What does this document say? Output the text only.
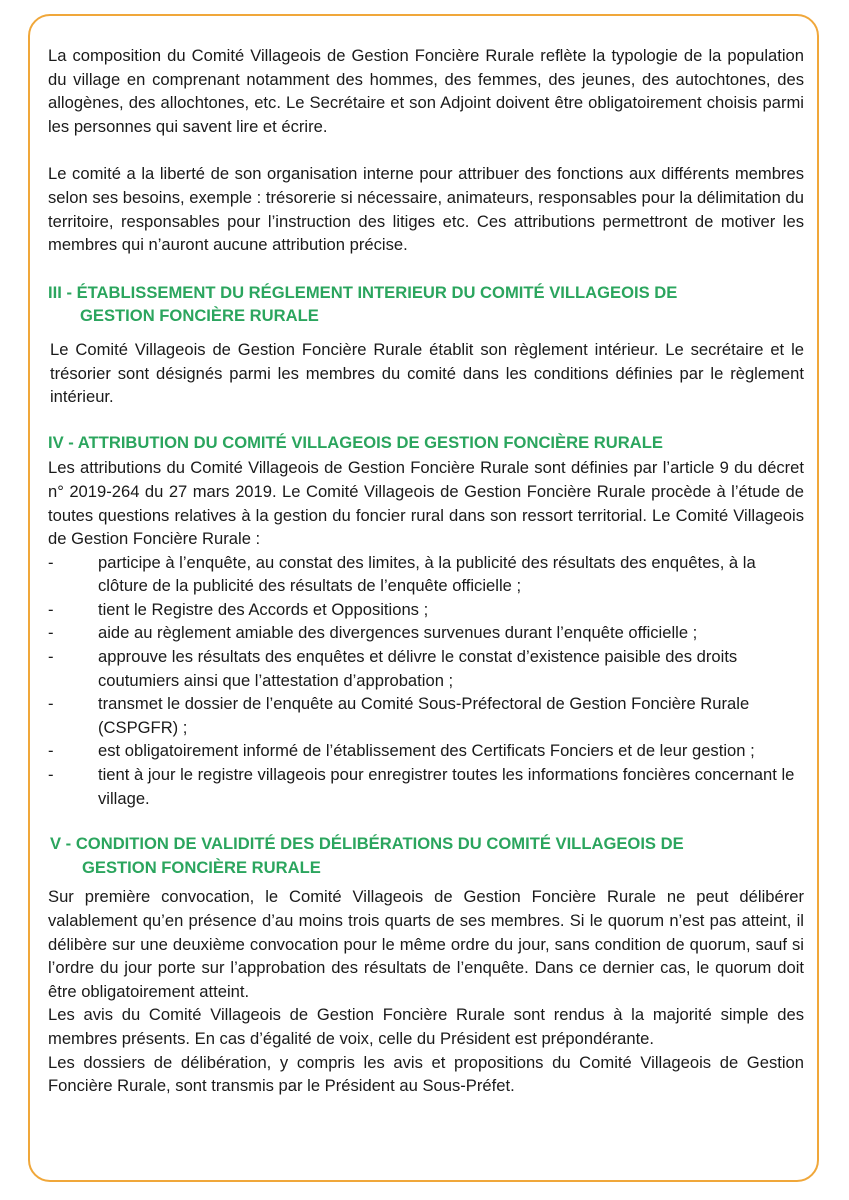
La composition du Comité Villageois de Gestion Foncière Rurale reflète la typologie de la population du village en comprenant notamment des hommes, des femmes, des jeunes, des autochtones, des allogènes, des allochtones, etc. Le Secrétaire et son Adjoint doivent être obligatoirement choisis parmi les personnes qui savent lire et écrire.

Le comité a la liberté de son organisation interne pour attribuer des fonctions aux différents membres selon ses besoins, exemple : trésorerie si nécessaire, animateurs, responsables pour la délimitation du territoire, responsables pour l’instruction des litiges etc. Ces attributions permettront de motiver les membres qui n’auront aucune attribution précise.

III - ÉTABLISSEMENT DU RÉGLEMENT INTERIEUR DU COMITÉ VILLAGEOIS DE
GESTION FONCIÈRE RURALE

Le Comité Villageois de Gestion Foncière Rurale établit son règlement intérieur. Le secrétaire et le trésorier sont désignés parmi les membres du comité dans les conditions définies par le règlement intérieur.

IV - ATTRIBUTION DU COMITÉ VILLAGEOIS DE GESTION FONCIÈRE RURALE

Les attributions du Comité Villageois de Gestion Foncière Rurale sont définies par l’article 9 du décret n° 2019-264 du 27 mars 2019. Le Comité Villageois de Gestion Foncière Rurale procède à l’étude de toutes questions relatives à la gestion du foncier rural dans son ressort territorial. Le Comité Villageois de Gestion Foncière Rurale :

-	participe à l’enquête, au constat des limites, à la publicité des résultats des enquêtes, à la clôture de la publicité des résultats de l’enquête officielle ;
-	tient le Registre des Accords et Oppositions ;
-	aide au règlement amiable des divergences survenues durant l’enquête officielle ;
-	approuve les résultats des enquêtes et délivre le constat d’existence paisible des droits coutumiers ainsi que l’attestation d’approbation ;
-	transmet le dossier de l’enquête au Comité Sous-Préfectoral de Gestion Foncière Rurale (CSPGFR) ;
-	est obligatoirement informé de l’établissement des Certificats Fonciers et de leur gestion ;
-	tient à jour le registre villageois pour enregistrer toutes les informations foncières concernant le village.
V - CONDITION DE VALIDITÉ DES DÉLIBÉRATIONS DU COMITÉ VILLAGEOIS DE
GESTION FONCIÈRE RURALE

Sur première convocation, le Comité Villageois de Gestion Foncière Rurale ne peut délibérer valablement qu’en présence d’au moins trois quarts de ses membres. Si le quorum n’est pas atteint, il délibère sur une deuxième convocation pour le même ordre du jour, sans condition de quorum, sauf si l’ordre du jour porte sur l’approbation des résultats de l’enquête. Dans ce dernier cas, le quorum doit être obligatoirement atteint.

Les avis du Comité Villageois de Gestion Foncière Rurale sont rendus à la majorité simple des membres présents. En cas d’égalité de voix, celle du Président est prépondérante.

Les dossiers de délibération, y compris les avis et propositions du Comité Villageois de Gestion Foncière Rurale, sont transmis par le Président au Sous-Préfet.
